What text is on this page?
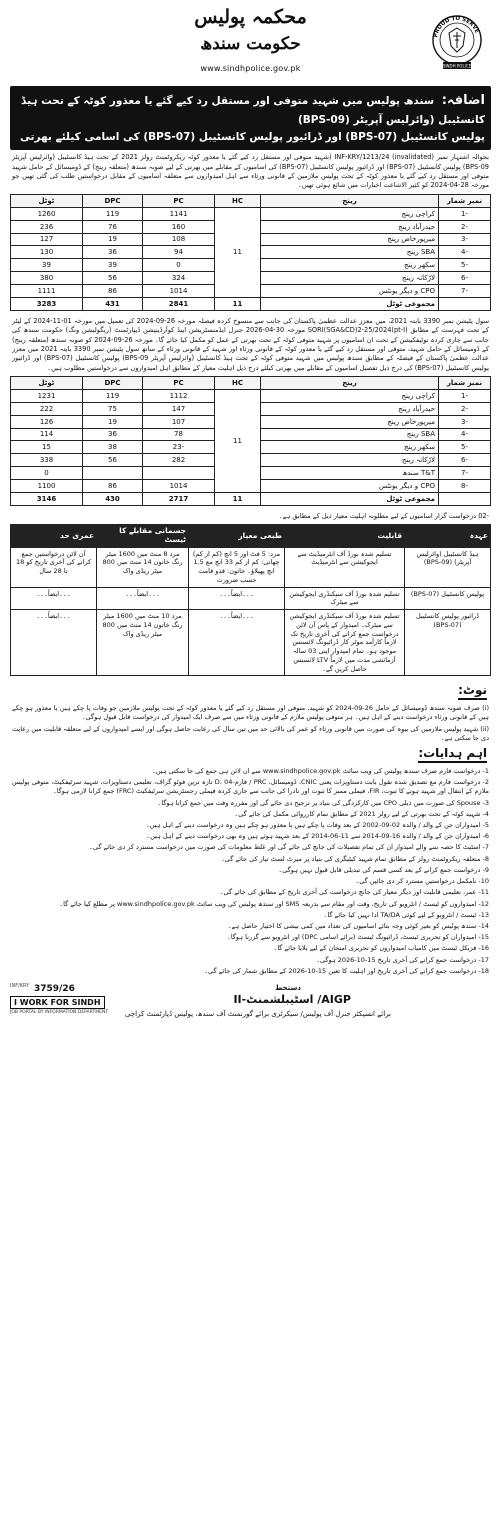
محکمہ پولیس
حکومت سندھ
www.sindhpolice.gov.pk
PROUD TO SERVE
SINDH POLICE
اضافہ: سندھ پولیس میں شہید متوفی اور مستقل رد کیے گئے یا معذور کوٹہ کے تحت ہیڈ کانسٹیبل (وائرلیس آپریٹر (BPS-09)
پولیس کانسٹیبل (BPS-07) اور ڈرائیور پولیس کانسٹیبل (BPS-07) کی اسامی کیلئے بھرتی

بحوالہ اشتہار نمبر INF-KRY/1213/24 (invalidated) (شہید متوفی اور مستقل رد کیے گئے یا معذور کوٹہ ریکروٹمنٹ رولز 2021 کے تحت ہیڈ کانسٹیبل (وائرلیس آپریٹر BPS-09) پولیس کانسٹیبل (BPS-07) اور ڈرائیور پولیس کانسٹیبل (BPS-07) کی اسامیوں کے مقابلے میں بھرتی کے لیے صوبہ سندھ (متعلقہ رینج) کے ڈومیسائل کے حامل شہید متوفی اور مستقل رد کیے گئے یا معذور کوٹہ کے تحت پولیس ملازمین کے قانونی ورثاء سے اہل امیدواروں سے متعلقہ اسامیوں کے مقابل درخواستیں طلب کی گئی تھیں جو مورخہ 28-04-2024 کو کثیر الاشاعت اخبارات میں شائع ہوئی تھیں۔

نمبر شمار	رینج	HC	PC	DPC	ٹوٹل
-1	کراچی رینج	11	1141	119	1260
-2	حیدرآباد رینج		160	76	236
-3	میرپورخاص رینج		108	19	127
-4	SBA رینج		94	36	130
-5	سکھر رینج		0	39	39
-6	لاڑکانہ رینج		324	56	380
-7	CPO و دیگر یونٹس		1014	86	1111
	مجموعی ٹوٹل	11	2841	431	3283

سول پٹیشن نمبر 3390 بابتہ 2021، میں معزز عدالت عظمیٰ پاکستان کی جانب سے منسوخ کردہ فیصلہ مورخہ 26-09-2024 کی تعمیل میں مورخہ 01-11-2024 کے لیٹر کے تحت فہرست کے مطابق SORI(SGA&CD)2-25/2024(pt-I) مورخہ 30-04-2026 جنرل ایڈمنسٹریشن اینڈ کوآرڈینیشن ڈیپارٹمنٹ (ریگولیشن ونگ) حکومت سندھ کی جانب سے جاری کردہ نوٹیفکیشن کے تحت ان اسامیوں پر شہید متوفی کوٹہ کے تحت بھرتی کے عمل کو مکمل کیا جائے گا۔ مورخہ 26-09-2024 کو صوبہ سندھ (متعلقہ رینج) کے ڈومیسائل کے حامل شہید، متوفی اور مستقل رد کیے گئے یا معذور کوٹہ کے قانونی ورثاء اور شہید کے قانونی ورثاء کے ساتھ سول پٹیشن نمبر 3390 بابتہ 2021 میں معزز عدالت عظمیٰ پاکستان کے فیصلہ کے مطابق سندھ پولیس میں شہید متوفی کوٹہ کے تحت ہیڈ کانسٹیبل (وائرلیس آپریٹر BPS-09) پولیس کانسٹیبل (BPS-07) اور ڈرائیور پولیس کانسٹیبل (BPS-07) کی درج ذیل تفصیل اسامیوں کے مقابلے میں بھرتی کیلئے درج ذیل اہلیت معیار کے مطابق اہل امیدواروں سے درخواستیں مطلوب ہیں۔

نمبر شمار	رینج	HC	PC	DPC	ٹوٹل
-1	کراچی رینج	11	1112	119	1231
-2	حیدرآباد رینج		147	75	222
-3	میرپورخاص رینج		107	19	126
-4	SBA رینج		78	36	114
-5	سکھر رینج		-23	38	15
-6	لاڑکانہ رینج		282	56	338
-7	T&T سندھ				0
-8	CPO و دیگر یونٹس		1014	86	1100
	مجموعی ٹوٹل	11	2717	430	3146

-02 درخواست گزار اسامیوں کے لیے مطلوبہ اہلیت معیار ذیل کے مطابق ہے۔

عہدہ	قابلیت	طبعی معیار	جسمانی مقابلے کا ٹیسٹ	عمری حد
ہیڈ کانسٹیبل (وائرلیس آپریٹر) (BPS-09)	تسلیم شدہ بورڈ آف انٹرمیڈیٹ سے ایجوکیشن سے انٹرمیڈیٹ	مرد: 5 فٹ اور 5 انچ (کم از کم) چھاتی: کم از کم 33 انچ مع 1.5 انچ پھیلاؤ۔ خاتون: قدو قامت حسب ضرورت	مرد 8 منٹ میں 1600 میٹر رنگ خاتون 14 منٹ میں 800 میٹر ریڈی واک	آن لائن درخواستیں جمع کرانے کی آخری تاریخ کو 18 تا 28 سال
پولیس کانسٹیبل (BPS-07)	تسلیم شدہ بورڈ آف سیکنڈری ایجوکیشن سے میٹرک	۔۔۔ایضاً۔۔۔	۔۔۔ایضاً۔۔۔	۔۔۔ایضاً۔۔۔
ڈرائیور پولیس کانسٹیبل (BPS-07)	تسلیم شدہ بورڈ آف سیکنڈری ایجوکیشن سے میٹرک۔ امیدوار کے پاس آن لائن درخواست جمع کرانے کی آخری تاریخ تک لازماً کارآمد موٹر کار ڈرائیونگ لائسنس موجود ہو۔ تمام امیدوار اپنی 03 سالہ آزمائشی مدت میں لازماً LTV لائسنس حاصل کریں گے۔	۔۔۔ایضاً۔۔۔	مرد 10 منٹ میں 1600 میٹر رنگ خاتون 14 منٹ میں 800 میٹر ریڈی واک	۔۔۔ایضاً۔۔۔
نوٹ:
(i) صرف صوبہ سندھ ڈومیسائل کے حامل 26-09-2024 کو شہید، متوفی اور مستقل رد کیے گئے یا معذور کوٹہ کے تحت پولیس ملازمین جو وفات پا چکے ہیں یا معذور ہو چکے ہیں کے قانونی ورثاء درخواست دینے کے اہل ہیں۔ ہر متوفی پولیس ملازم کے قانونی ورثاء میں سے صرف ایک امیدوار کی درخواست قابل قبول ہوگی۔
(ii) شہید پولیس ملازمین کی بیوہ کی صورت میں قانونی ورثاء کو عمر کی بالائی حد میں تین سال کی رعایت حاصل ہوگی اور ایسے امیدواروں کے لیے متعلقہ قابلیت میں رعایت دی جا سکتی ہے۔
اہم ہدایات:
1- درخواست فارم صرف سندھ پولیس کی ویب سائٹ www.sindhpolice.gov.pk سے ان لائن ہی جمع کی جا سکتی ہیں۔
2- درخواست فارم مع تصدیق شدہ نقول بابت دستاویزات یعنی CNIC، ڈومیسائل، PRC / فارم-D، 04 تازہ ترین فوٹو گراف، تعلیمی دستاویزات، شہید سرٹیفکیٹ، متوفی پولیس ملازم کے انتقال اور شہید ہونے کا ثبوت، FIR، فیملی ممبر کا ثبوت اور نادرا کی جانب سے جاری کردہ فیملی رجسٹریشن سرٹیفکیٹ (FRC) جمع کرانا لازمی ہوگا۔
3- Spouse کی صورت میں ذیلی CPO میں کارکردگی کی بنیاد پر ترجیح دی جائے گی اور مقررہ وقت میں جمع کرانا ہوگا۔
4- شہید کوٹہ کے تحت بھرتی کے لیے رولز 2021 کے مطابق تمام کارروائی مکمل کی جائے گی۔
5- امیدواران جن کے والد / والدہ 02-09-2002 کے بعد وفات پا چکے ہیں یا معذور ہو چکے ہیں وہ درخواست دینے کے اہل ہیں۔
6- امیدواران جن کے والد / والدہ 16-09-2014 سے 11-06-2014 کے بعد شہید ہوئے ہیں وہ بھی درخواست دینے کے اہل ہیں۔
7- اسٹیٹ کا حصہ بننے والے امیدوار ان کی تمام تفصیلات کی جانچ کی جائے گی اور غلط معلومات کی صورت میں درخواست مسترد کر دی جائے گی۔
8- متعلقہ ریکروٹمنٹ رولز کے مطابق تمام شہید کیٹیگری کی بنیاد پر میرٹ لسٹ تیار کی جائے گی۔
9- درخواست جمع کرانے کے بعد کسی قسم کی تبدیلی قابل قبول نہیں ہوگی۔
10- نامکمل درخواستیں مسترد کر دی جائیں گی۔
11- عمر، تعلیمی قابلیت اور دیگر معیار کی جانچ درخواست کی آخری تاریخ کے مطابق کی جائے گی۔
12- امیدواروں کو ٹیسٹ / انٹرویو کی تاریخ، وقت اور مقام سے بذریعہ SMS اور سندھ پولیس کی ویب سائٹ www.sindhpolice.gov.pk پر مطلع کیا جائے گا۔
13- ٹیسٹ / انٹرویو کے لیے کوئی TA/DA ادا نہیں کیا جائے گا۔
14- سندھ پولیس کو بغیر کوئی وجہ بتائے اسامیوں کی تعداد میں کمی بیشی کا اختیار حاصل ہے۔
15- امیدواران کو تحریری ٹیسٹ، ڈرائیونگ ٹیسٹ (برائے اسامی DPC) اور انٹرویو سے گزرنا ہوگا۔
16- فزیکل ٹیسٹ میں کامیاب امیدواروں کو تحریری امتحان کے لیے بلایا جائے گا۔
17- درخواست جمع کرانے کی آخری تاریخ 15-10-2026 ہوگی۔
18- درخواست جمع کرانے کی آخری تاریخ اور اہلیت کا تعین 15-10-2026 کے مطابق شمار کی جائے گی۔
دستخط
AIGP/ اسٹیبلشمنٹ-II
برائے انسپکٹر جنرل آف پولیس/ سیکرٹری برائے گورنمنٹ آف سندھ، پولیس ڈپارٹمنٹ کراچی
INF/KRY 3759/26
I WORK FOR SINDH
JOB PORTAL BY INFORMATION DEPARTMENT
